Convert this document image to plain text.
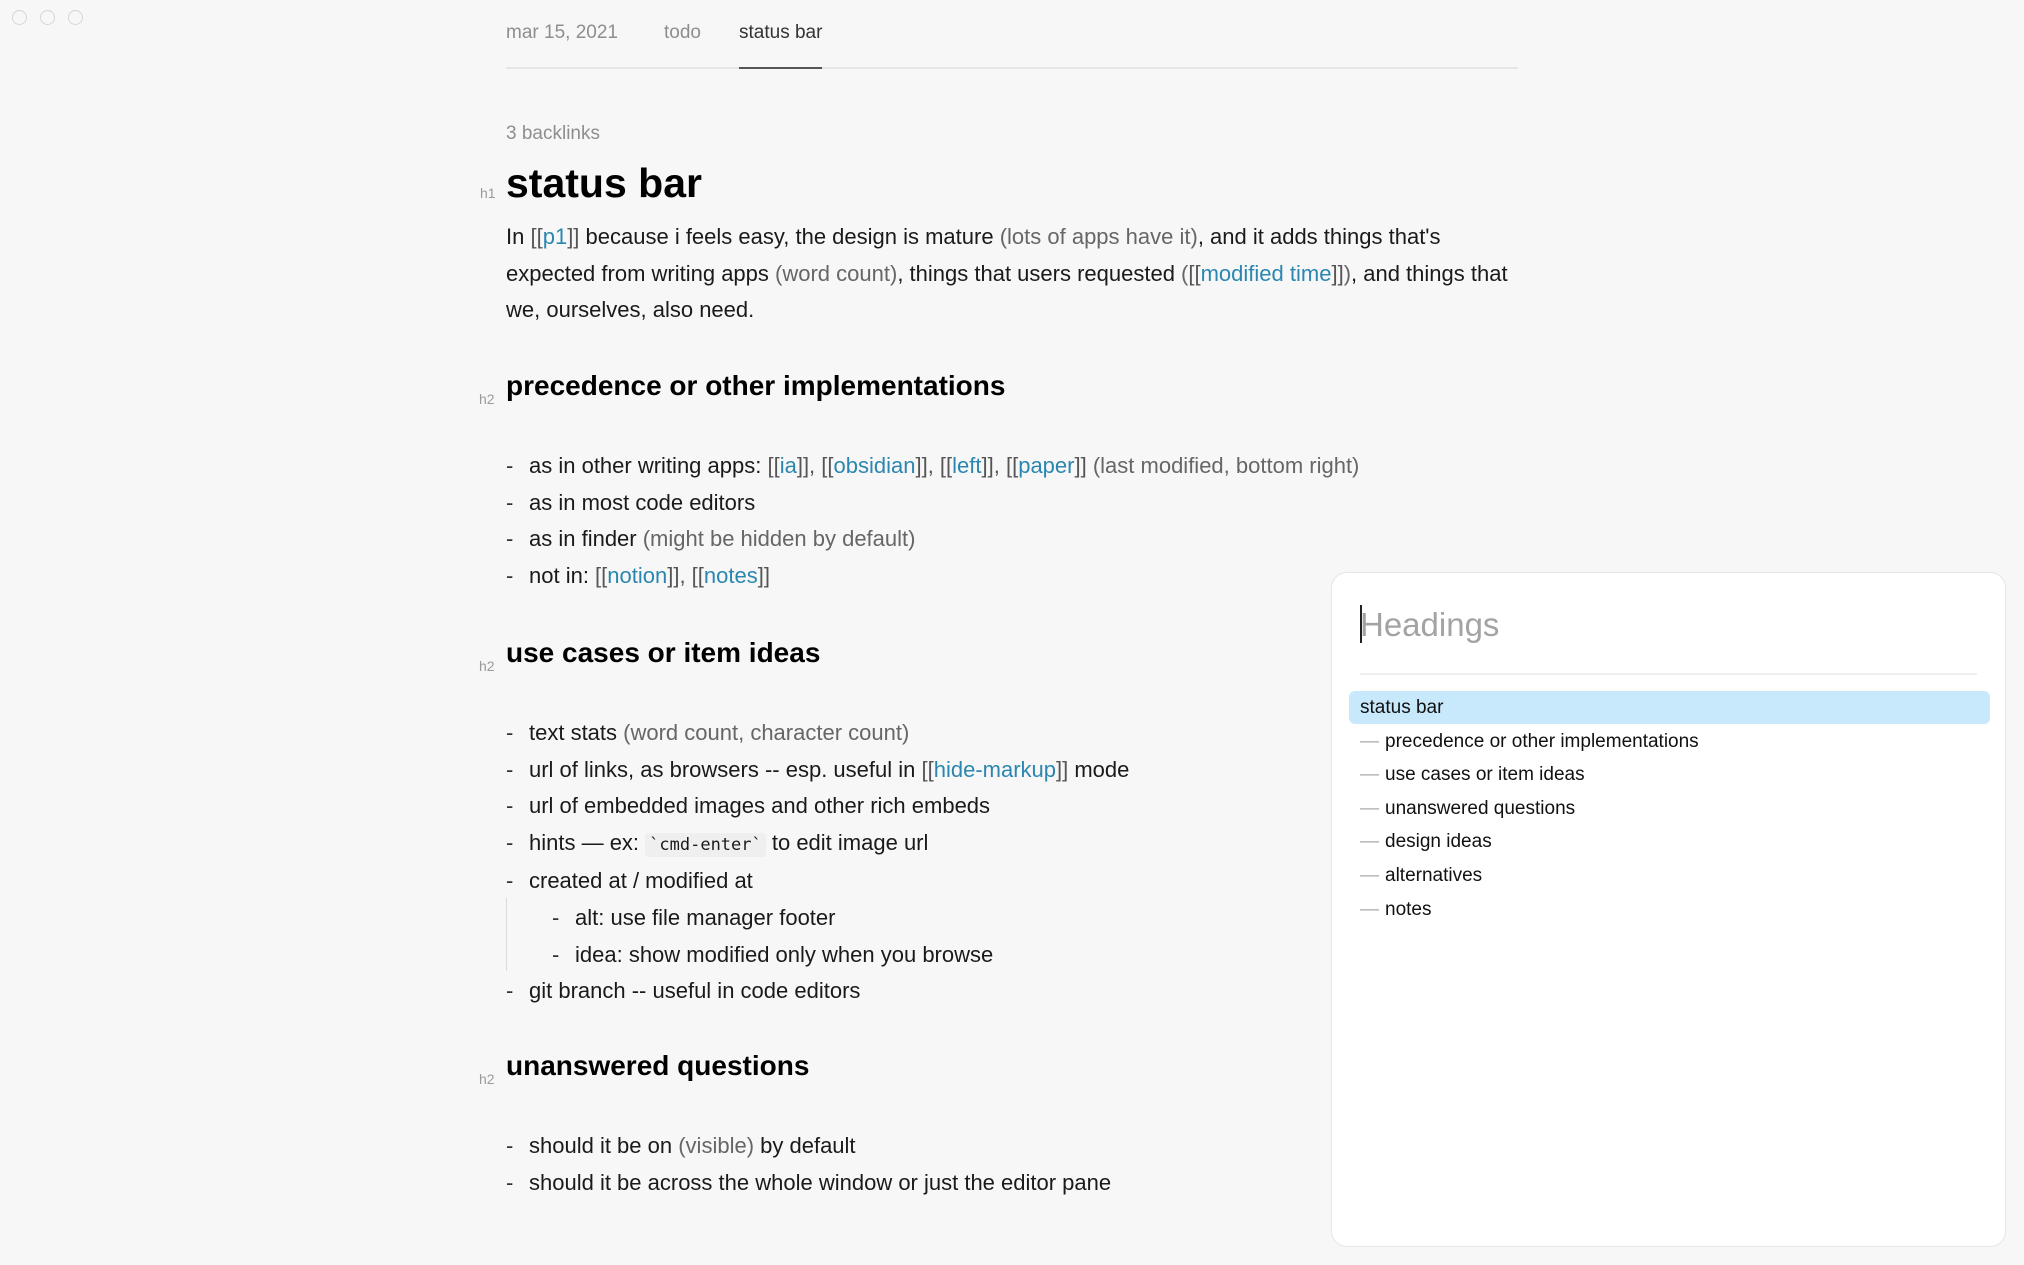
mar 15, 2021 todo status bar
3 backlinks
h1 status bar
In [[p1]] because i feels easy, the design is mature (lots of apps have it), and it adds things that's expected from writing apps (word count), things that users requested ([[modified time]]), and things that we, ourselves, also need.
h2 precedence or other implementations
- as in other writing apps: [[ia]], [[obsidian]], [[left]], [[paper]] (last modified, bottom right)
- as in most code editors
- as in finder (might be hidden by default)
- not in: [[notion]], [[notes]]
h2 use cases or item ideas
- text stats (word count, character count)
- url of links, as browsers -- esp. useful in [[hide-markup]] mode
- url of embedded images and other rich embeds
- hints — ex: `cmd-enter` to edit image url
- created at / modified at
- alt: use file manager footer
- idea: show modified only when you browse
- git branch -- useful in code editors
h2 unanswered questions
- should it be on (visible) by default
- should it be across the whole window or just the editor pane
Headings
status bar
— precedence or other implementations
— use cases or item ideas
— unanswered questions
— design ideas
— alternatives
— notes
